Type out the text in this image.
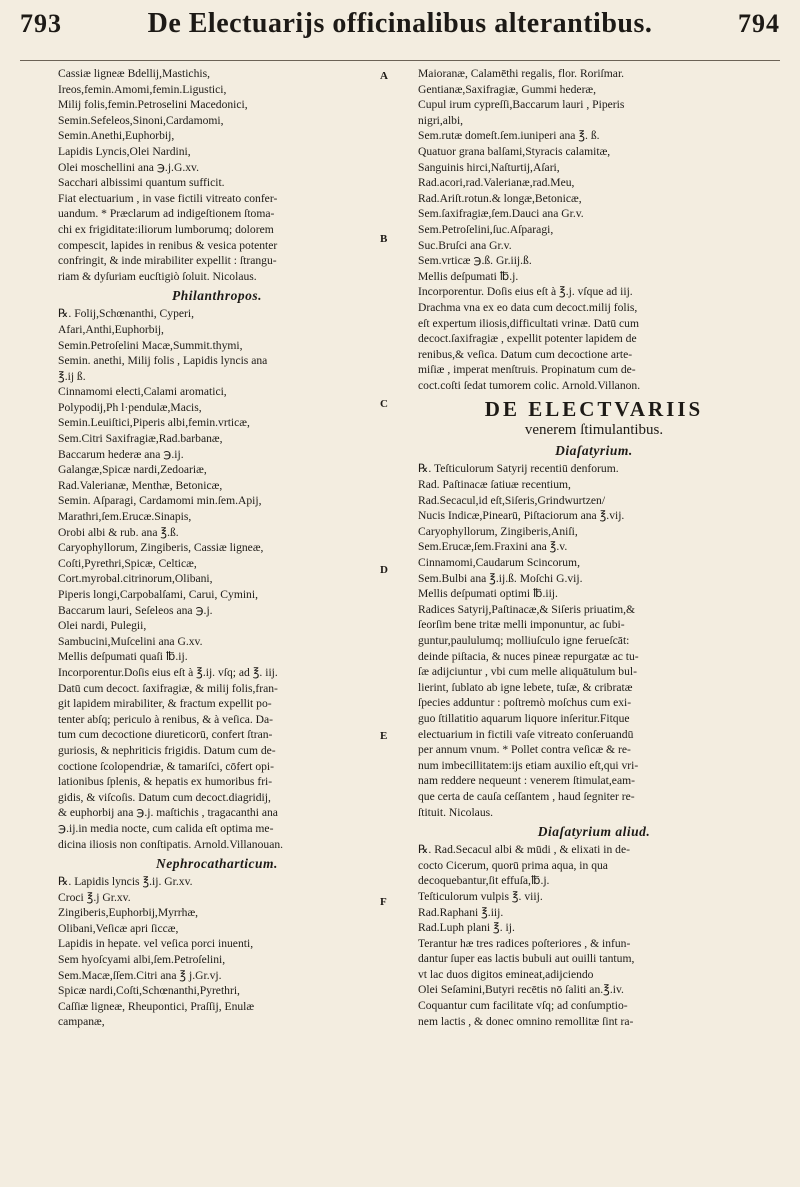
793	De Electuarijs officinalibus alterantibus.	794
A
B
C
D
E
F

Cassiæ ligneæ Bdellij,Mastichis,

Ireos,femin.Amomi,femin.Ligustici,

Milij folis,femin.Petroselini Macedonici,

Semin.Sefeleos,Sinoni,Cardamomi,

Semin.Anethi,Euphorbij,

Lapidis Lyncis,Olei Nardini,

Olei moschellini ana ℈.j.G.xv.

Sacchari albissimi quantum sufficit.

Fiat electuarium , in vase fictili vitreato confer-

uandum. * Præclarum ad indigeſtionem ſtoma-

chi ex frigiditate:iliorum lumborumq; dolorem

compescit, lapides in renibus & vesica potenter

confringit, & inde mirabiliter expellit : ſtrangu-

riam & dyſuriam eucſtigiò ſoluit. Nicolaus.

Philanthropos.

℞. Folij,Schœnanthi, Cyperi,

Afari,Anthi,Euphorbij,

Semin.Petroſelini Macæ,Summit.thymi,

Semin. anethi, Milij folis , Lapidis lyncis ana

℥.ij ß.

Cinnamomi electi,Calami aromatici,

Polypodij,Ph l·pendulæ,Macis,

Semin.Leuiſtici,Piperis albi,femin.vrticæ,

Sem.Citri Saxifragiæ,Rad.barbanæ,

Baccarum hederæ ana ℈.ij.

Galangæ,Spicæ nardi,Zedoariæ,

Rad.Valerianæ, Menthæ, Betonicæ,

Semin. Aſparagi, Cardamomi min.ſem.Apij,

Marathri,ſem.Erucæ.Sinapis,

Orobi albi & rub. ana ℥.ß.

Caryophyllorum, Zingiberis, Cassiæ ligneæ,

Coſti,Pyrethri,Spicæ, Celticæ,

Cort.myrobal.citrinorum,Olibani,

Piperis longi,Carpobalſami, Carui, Cymini,

Baccarum lauri, Seſeleos ana ℈.j.

Olei nardi, Pulegii,

Sambucini,Muſcelini ana G.xv.

Mellis deſpumati quaſi ℔.ij.

Incorporentur.Doſis eius eſt à ℥.ij. vſq; ad ℥. iij.

Datū cum decoct. ſaxifragiæ, & milij folis,fran-

git lapidem mirabiliter, & fractum expellit po-

tenter abſq; periculo à renibus, & à veſica. Da-

tum cum decoctione diureticorū, confert ſtran-

guriosis, & nephriticis frigidis. Datum cum de-

coctione ſcolopendriæ, & tamariſci, cōfert opi-

lationibus ſplenis, & hepatis ex humoribus fri-

gidis, & viſcoſis. Datum cum decoct.diagridij,

& euphorbij ana ℈.j. maſtichis , tragacanthi ana

℈.ij.in media nocte, cum calida eſt optima me-

dicina iliosis non conſtipatis. Arnold.Villanouan.

Nephrocatharticum.

℞. Lapidis lyncis ℥.ij. Gr.xv.

Croci ℥.j Gr.xv.

Zingiberis,Euphorbij,Myrrhæ,

Olibani,Veſicæ apri ſiccæ,

Lapidis in hepate. vel veſica porci inuenti,

Sem hyoſcyami albi,ſem.Petroſelini,

Sem.Macæ,ſſem.Citri ana ℥ j.Gr.vj.

Spicæ nardi,Coſti,Schœnanthi,Pyrethri,

Caſſiæ ligneæ, Rheupontici, Praſſij, Enulæ

campanæ,

Maioranæ, Calamēthi regalis, flor. Roriſmar.

Gentianæ,Saxifragiæ, Gummi hederæ,

Cupul irum cypreſſi,Baccarum lauri , Piperis

nigri,albi,

Sem.rutæ domeſt.ſem.iuniperi ana ℥. ß.

Quatuor grana balſami,Styracis calamitæ,

Sanguinis hirci,Naſturtij,Aſari,

Rad.acori,rad.Valerianæ,rad.Meu,

Rad.Ariſt.rotun.& longæ,Betonicæ,

Sem.ſaxifragiæ,ſem.Dauci ana Gr.v.

Sem.Petroſelini,ſuc.Aſparagi,

Suc.Bruſci ana Gr.v.

Sem.vrticæ ℈.ß. Gr.iij.ß.

Mellis deſpumati ℔.j.

Incorporentur. Doſis eius eſt à ℥.j. vſque ad iij.

Drachma vna ex eo data cum decoct.milij folis,

eſt expertum iliosis,difficultati vrinæ. Datū cum

decoct.ſaxifragiæ , expellit potenter lapidem de

renibus,& veſica. Datum cum decoctione arte-

miſiæ , imperat menſtruis. Propinatum cum de-

coct.coſti ſedat tumorem colic. Arnold.Villanon.

DE ELECTVARIIS

venerem ſtimulantibus.

Diaſatyrium.

℞. Teſticulorum Satyrij recentiū denforum.

Rad. Paſtinacæ ſatiuæ recentium,

Rad.Secacul,id eſt,Siſeris,Grindwurtzen/

Nucis Indicæ,Pinearū, Piſtaciorum ana ℥.vij.

Caryophyllorum, Zingiberis,Aniſi,

Sem.Erucæ,ſem.Fraxini ana ℥.v.

Cinnamomi,Caudarum Scincorum,

Sem.Bulbi ana ℥.ij.ß. Moſchi G.vij.

Mellis deſpumati optimi ℔.iij.

Radices Satyrij,Paſtinacæ,& Siſeris priuatim,&

ſeorſim bene tritæ melli imponuntur, ac ſubi-

guntur,paululumq; molliuſculo igne ferueſcāt:

deinde piſtacia, & nuces pineæ repurgatæ ac tu-

ſæ adijciuntur , vbi cum melle aliquātulum bul-

lierint, ſublato ab igne lebete, tuſæ, & cribratæ

ſpecies adduntur : poſtremò moſchus cum exi-

guo ſtillatitio aquarum liquore inſeritur.Fitque

electuarium in fictili vaſe vitreato conſeruandū

per annum vnum. * Pollet contra veſicæ & re-

num imbecillitatem:ijs etiam auxilio eſt,qui vri-

nam reddere nequeunt : venerem ſtimulat,eam-

que certa de cauſa ceſſantem , haud ſegniter re-

ſtituit. Nicolaus.

Diaſatyrium aliud.

℞. Rad.Secacul albi & mūdi , & elixati in de-

cocto Cicerum, quorū prima aqua, in qua

decoquebantur,ſit effuſa,℔.j.

Teſticulorum vulpis ℥. viij.

Rad.Raphani ℥.iij.

Rad.Luph plani ℥. ij.

Terantur hæ tres radices poſteriores , & infun-

dantur ſuper eas lactis bubuli aut ouilli tantum,

vt lac duos digitos emineat,adijciendo

Olei Seſamini,Butyri recētis nō ſaliti an.℥.iv.

Coquantur cum facilitate vſq; ad conſumptio-

nem lactis , & donec omnino remollitæ ſint ra-
